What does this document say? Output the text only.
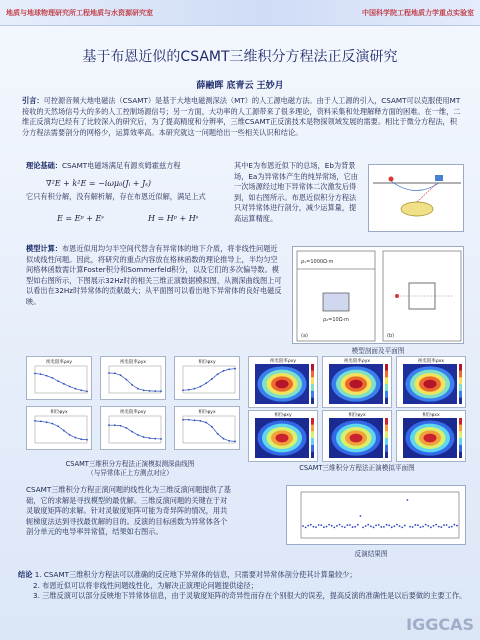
地质与地球物理研究所工程地质与水资源研究室	中国科学院工程地质力学重点实验室
基于布恩近似的CSAMT三维积分方程法正反演研究
薛融晖 底青云 王妙月
引言：可控源音频大地电磁法（CSAMT）是基于大地电磁测深法（MT）的人工源电磁方法。由于人工源的引入，CSAMT可以克服使用MT接收的天然场信号大的多的人工控制场源信号；另一方面，大功率的人工源带来了很多理论，资料采集和处理解释方面的困难。在一维，二维正反演均已经有了比较深入的研究后，为了提高精度和分辨率，三维CSAMT正反演技术是物探领域发展的需要。相比于微分方程法，积分方程法需要剖分的网格少，运算效率高。本研究就这一问题给出一些相关认识和结论。
理论基础：CSAMT电磁场满足有源亥姆霍兹方程
它只有积分解，没有解析解，存在布恩近似解，满足上式
∇²E + k²E = −iωμ₀(Jᵢ + Jₛ)
E = Eᵖ + Eˢ	H = Hᵖ + Hˢ
其中E为布恩近似下的总场，Eb为背景场，Ea为异常体产生的纯异常场，它由一次场源经过地下异常体二次激发后得到，如右图所示。布恩近似积分方程法只对异常体进行剖分，减少运算量，提高运算精度。
模型计算：布恩近似用均匀半空间代替含有异常体的地下介质，将非线性问题近似成线性问题。因此，将研究的重点内容放在格林函数的理论推导上，半均匀空间格林函数需计算Foster积分和Sommerfeld积分，以及它们的多次偏导数。模型如右图所示，下图展示32Hz时的相关三维正演数据模拟图，从测深曲线图上可以看出在32Hz时异常体的贡献最大；从平面图可以看出地下异常体的良好电磁反映。
ρ₁=1000Ω·m
ρ₂=10Ω·m
(a)	(b)
模型剖面及平面图
视电阻率ρxy	视电阻率ρyx	相位φxy
相位φyx	视电阻率ρxy	相位φyx
CSAMT三维积分方程法正演模拟测深曲线图
（与异常体正上方测点对应）
视电阻率ρxy	视电阻率ρyx	视电阻率ρxx
相位φxy	相位φyx	相位φxx
CSAMT三维积分方程法正演模拟平面图
CSAMT三维积分方程正演问题的线性化为三维反演问题提供了基础，它的求解是寻找模型的最优解。三维反演问题的关键在于对灵敏度矩阵的求解。针对灵敏度矩阵可能为奇异阵的情况，用共轭梯度法达到寻找最优解的目的。反演的目标函数为异常体各个剖分单元的电导率异常值，结果如右图示。
反演结果图
结论 1. CSAMT三维积分方程法可以准确的反应地下异常体的信息，只需要对异常体剖分使其计算量较少；
2. 布恩近似可以将非线性问题线性化，为解决正演理论问题提供途径；
3. 三维反演可以部分反映地下异常体信息，由于灵敏度矩阵的奇异性而存在个别很大的误差，提高反演的准确性是以后要做的主要工作。
IGGCAS
